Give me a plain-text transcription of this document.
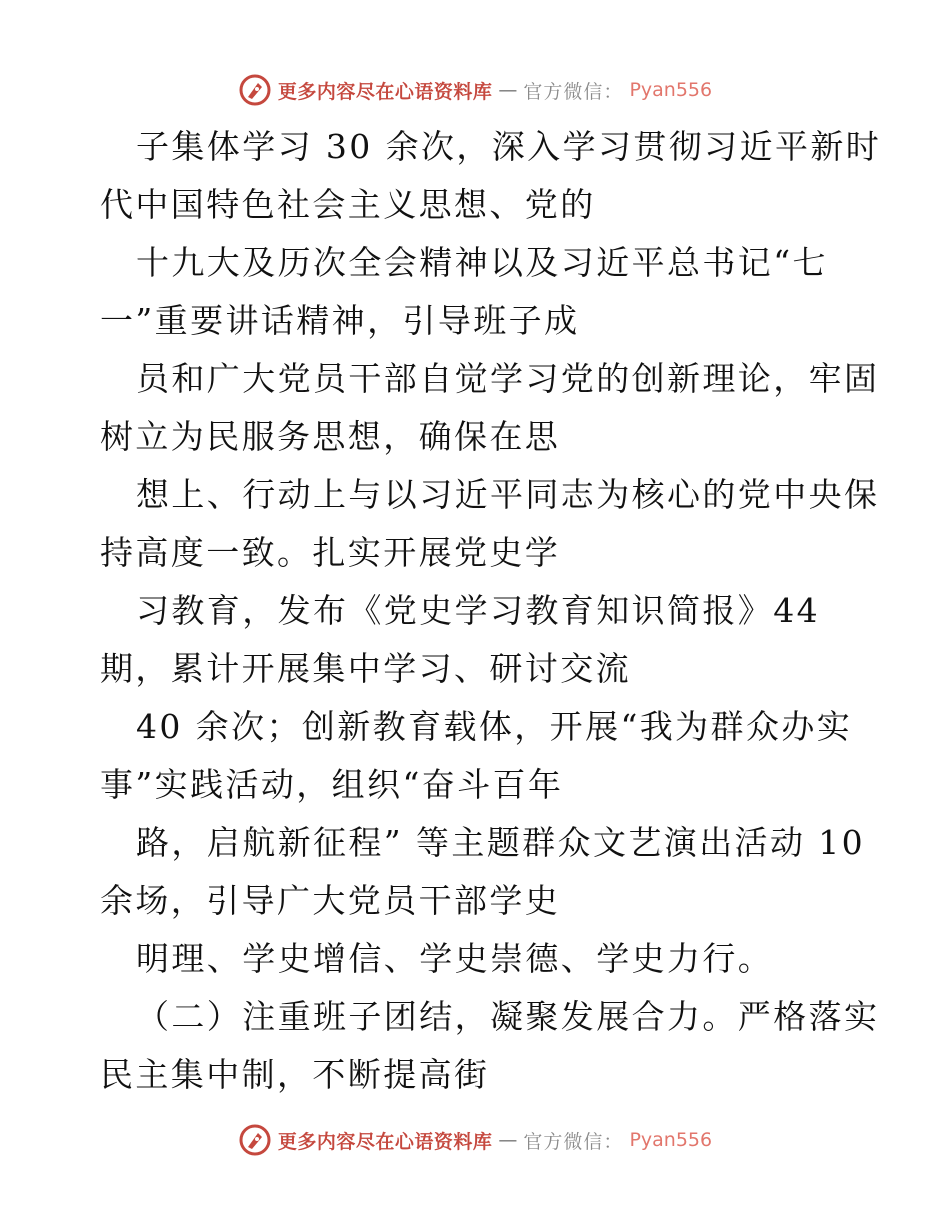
更多内容尽在心语资料库 — 官方微信： Pyan556
子集体学习 30 余次，深入学习贯彻习近平新时
代中国特色社会主义思想、党的
十九大及历次全会精神以及习近平总书记“七
一”重要讲话精神，引导班子成
员和广大党员干部自觉学习党的创新理论，牢固
树立为民服务思想，确保在思
想上、行动上与以习近平同志为核心的党中央保
持高度一致。扎实开展党史学
习教育，发布《党史学习教育知识简报》44
期，累计开展集中学习、研讨交流
40 余次；创新教育载体，开展“我为群众办实
事”实践活动，组织“奋斗百年
路，启航新征程” 等主题群众文艺演出活动 10
余场，引导广大党员干部学史
明理、学史增信、学史崇德、学史力行。
（二）注重班子团结，凝聚发展合力。严格落实
民主集中制，不断提高街
更多内容尽在心语资料库 — 官方微信： Pyan556
